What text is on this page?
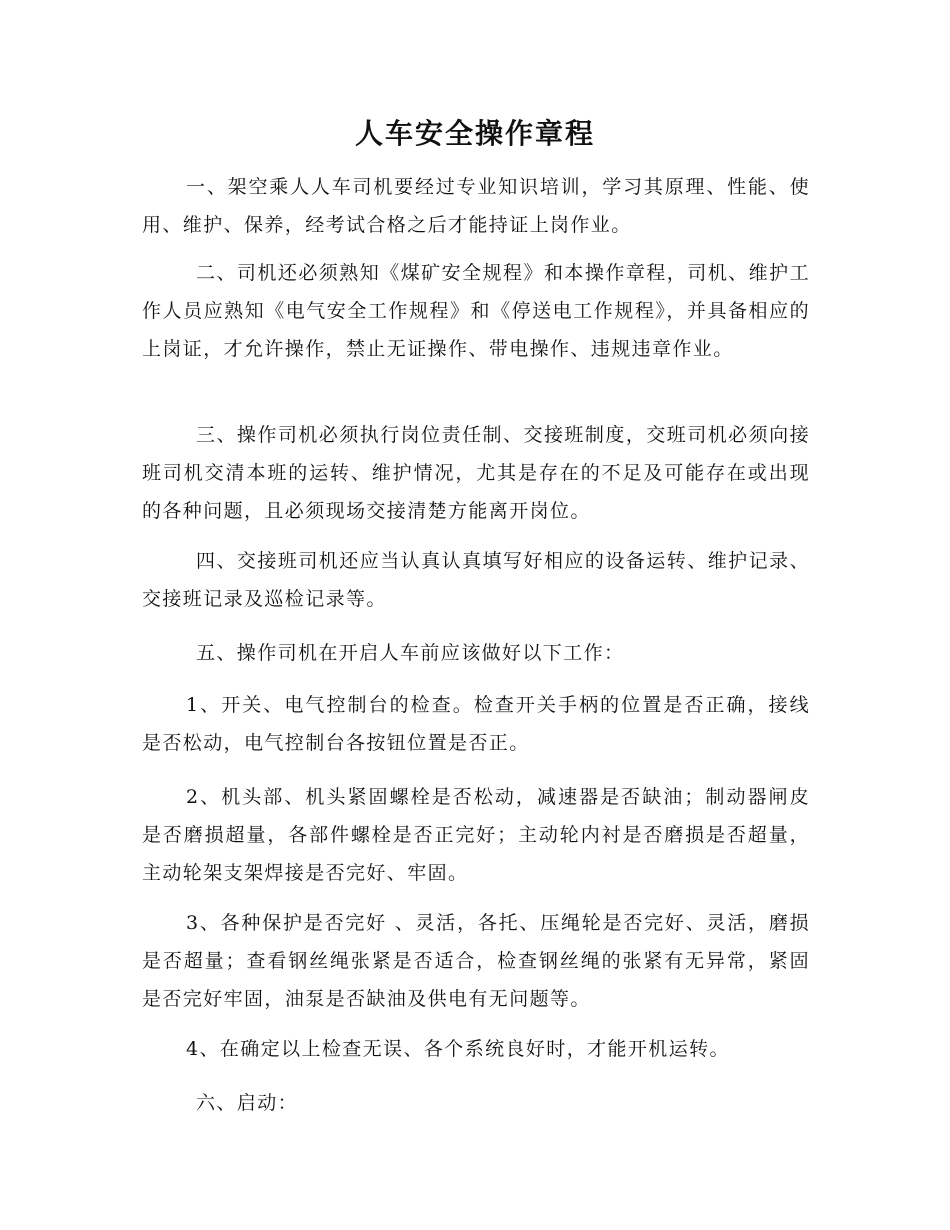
人车安全操作章程

一、架空乘人人车司机要经过专业知识培训，学习其原理、性能、使用、维护、保养，经考试合格之后才能持证上岗作业。

二、司机还必须熟知《煤矿安全规程》和本操作章程，司机、维护工作人员应熟知《电气安全工作规程》和《停送电工作规程》，并具备相应的上岗证，才允许操作，禁止无证操作、带电操作、违规违章作业。

三、操作司机必须执行岗位责任制、交接班制度，交班司机必须向接班司机交清本班的运转、维护情况，尤其是存在的不足及可能存在或出现的各种问题，且必须现场交接清楚方能离开岗位。

四、交接班司机还应当认真认真填写好相应的设备运转、维护记录、交接班记录及巡检记录等。

五、操作司机在开启人车前应该做好以下工作：

1、开关、电气控制台的检查。检查开关手柄的位置是否正确，接线是否松动，电气控制台各按钮位置是否正。

2、机头部、机头紧固螺栓是否松动，减速器是否缺油；制动器闸皮是否磨损超量，各部件螺栓是否正完好；主动轮内衬是否磨损是否超量，主动轮架支架焊接是否完好、牢固。

3、各种保护是否完好 、灵活，各托、压绳轮是否完好、灵活，磨损是否超量；查看钢丝绳张紧是否适合，检查钢丝绳的张紧有无异常，紧固是否完好牢固，油泵是否缺油及供电有无问题等。

4、在确定以上检查无误、各个系统良好时，才能开机运转。

六、启动：
